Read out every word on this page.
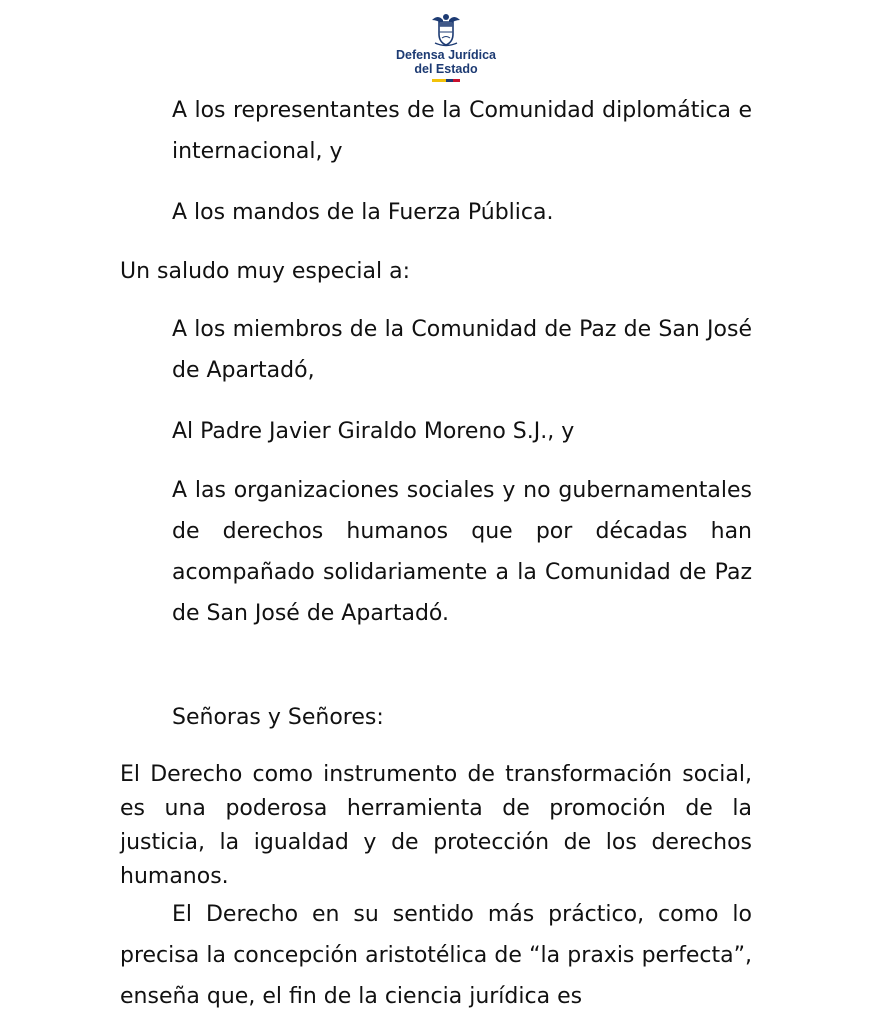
Defensa Jurídica
del Estado

A los representantes de la Comunidad diplomática e internacional, y

A los mandos de la Fuerza Pública.

Un saludo muy especial a:

A los miembros de la Comunidad de Paz de San José de Apartadó,

Al Padre Javier Giraldo Moreno S.J., y

A las organizaciones sociales y no gubernamentales de derechos humanos que por décadas han acompañado solidariamente a la Comunidad de Paz de San José de Apartadó.

Señoras y Señores:

El Derecho como instrumento de transformación social, es una poderosa herramienta de promoción de la justicia, la igualdad y de protección de los derechos humanos.

El Derecho en su sentido más práctico, como lo precisa la concepción aristotélica de “la praxis perfecta”, enseña que, el fin de la ciencia jurídica es
